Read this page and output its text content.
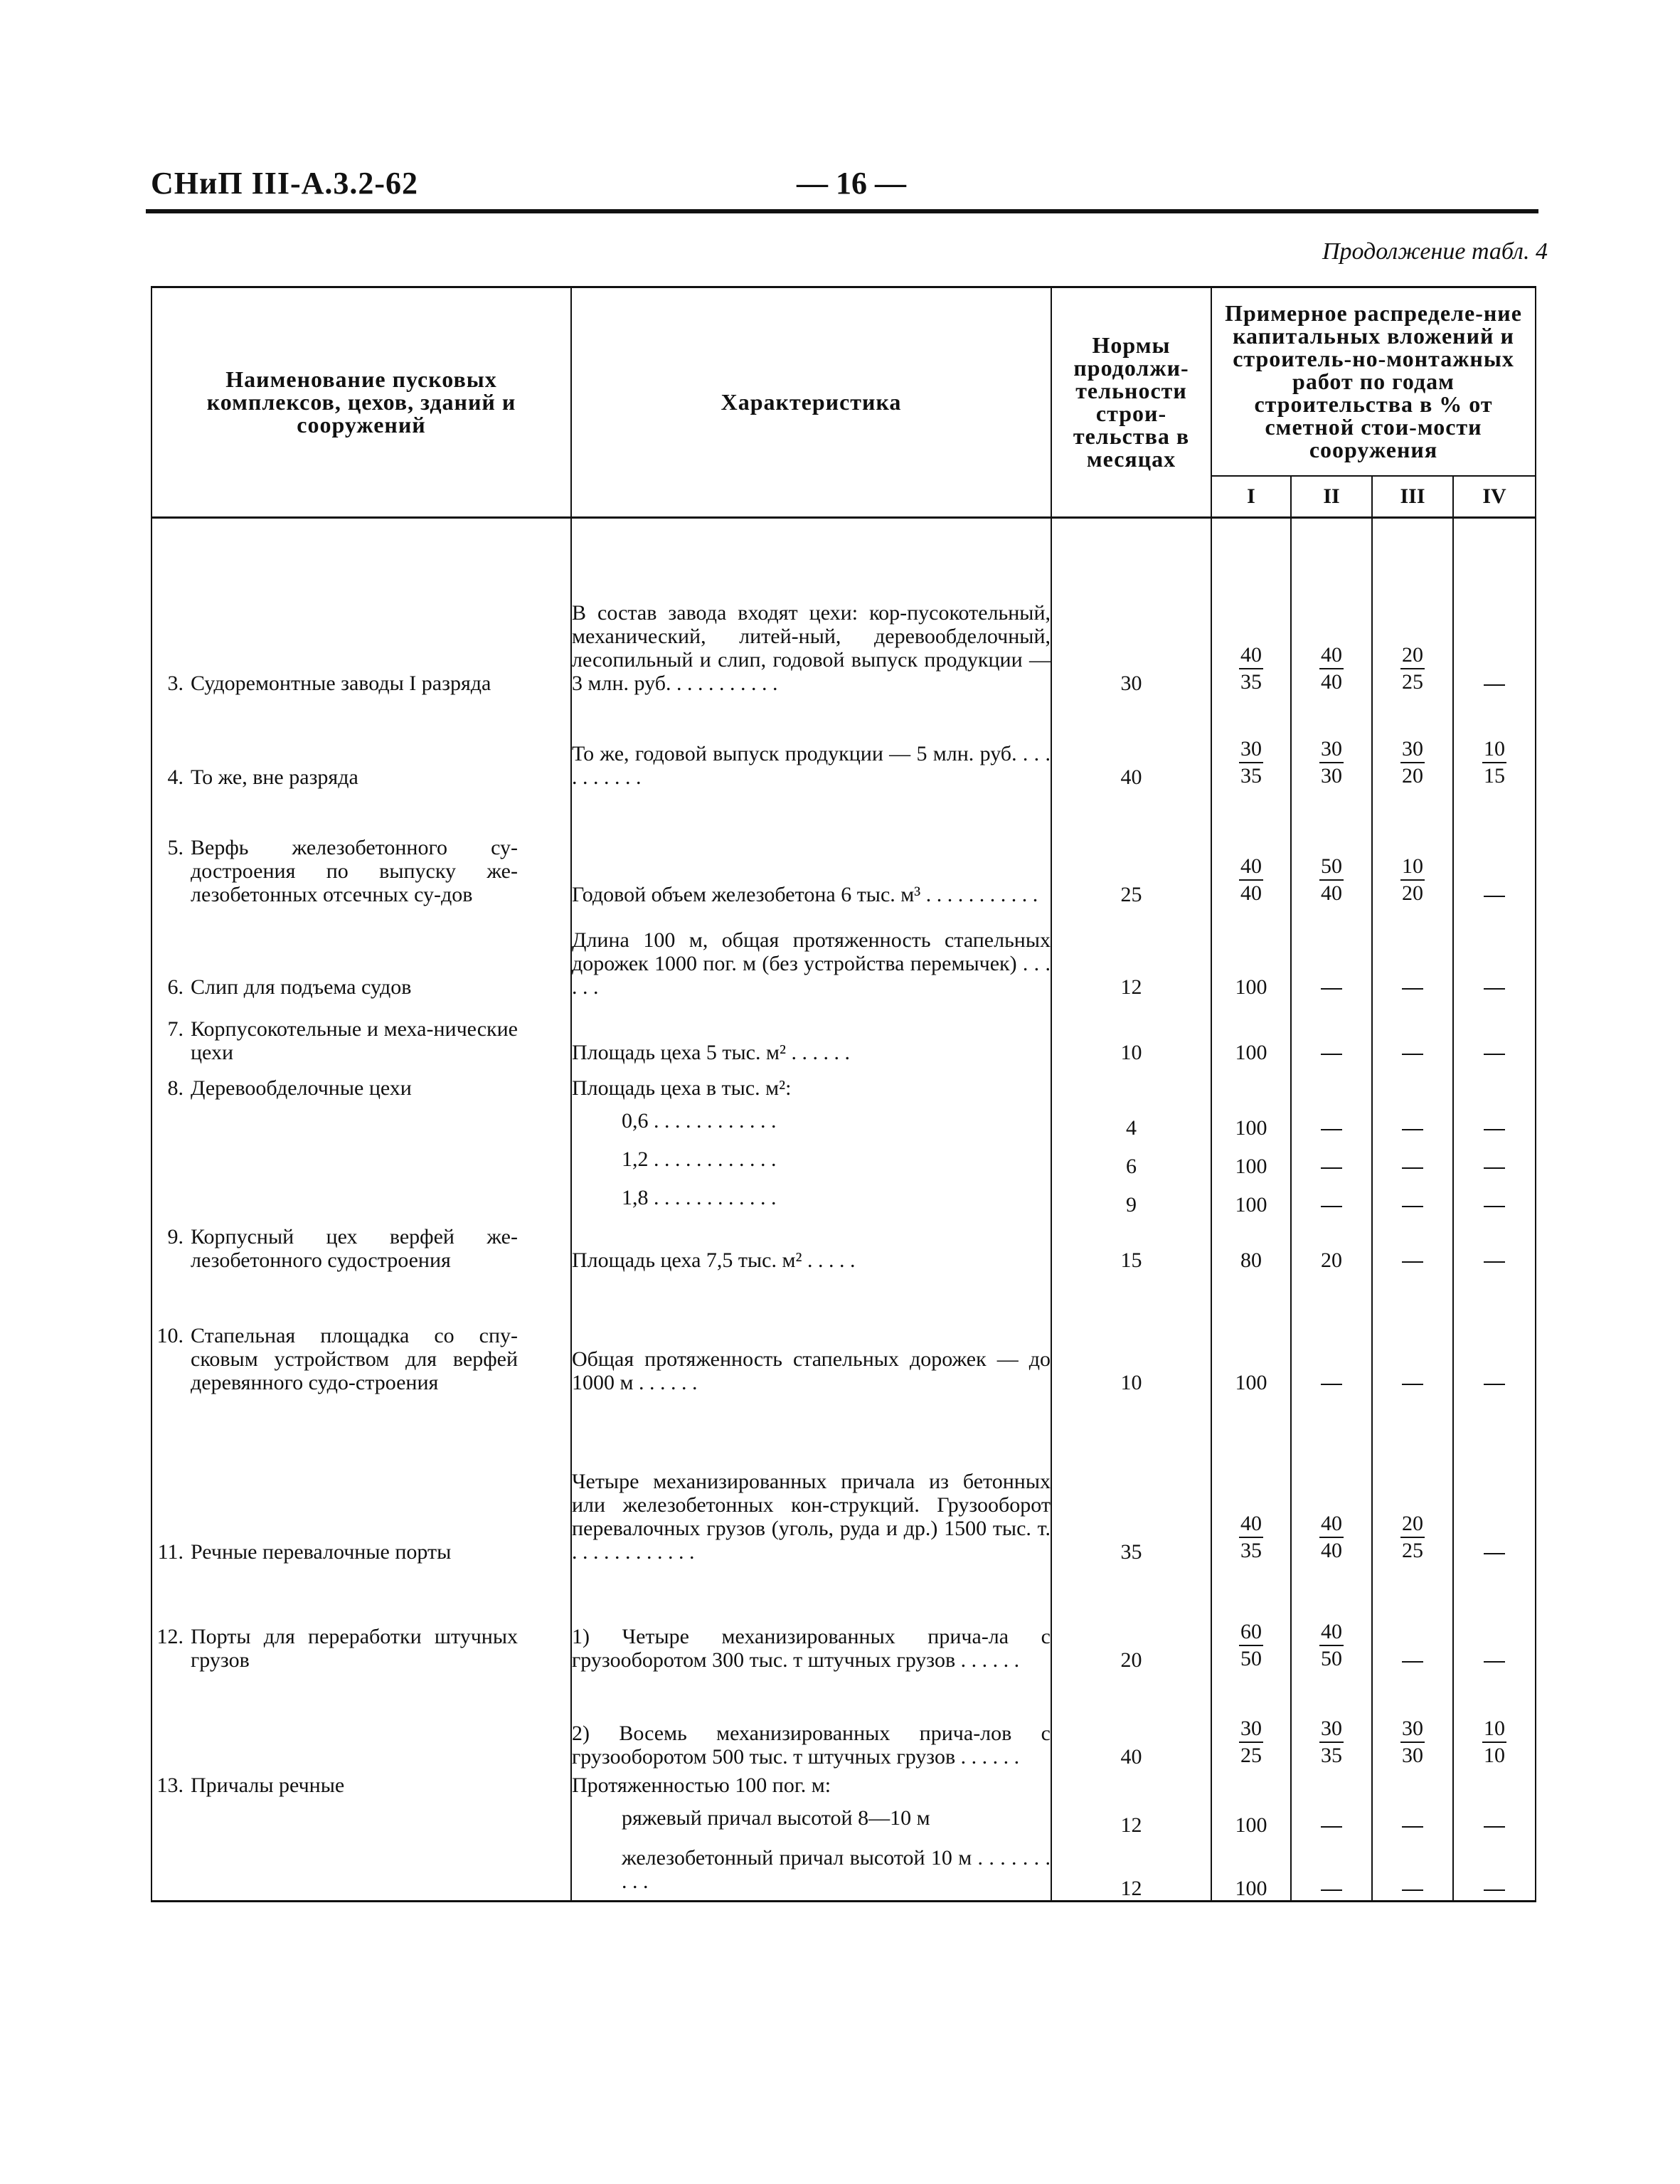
СНиП III-А.3.2-62	— 16 —
Продолжение табл. 4
Наименование пусковых комплексов, цехов, зданий и сооружений	Характеристика	Нормы продолжи-тельности строи-тельства в месяцах	Примерное распределе-ние капитальных вложений и строитель-но-монтажных работ по годам строительства в % от сметной стои-мости сооружения			
			I	II	III	IV
3. Судоремонтные заводы I разряда	В состав завода входят цехи: кор-пусокотельный, механический, литей-ный, деревообделочный, лесопильный и слип, годовой выпуск продукции — 3 млн. руб. . . . . . . . . . .	30	$\frac{40}{35}$	$\frac{40}{40}$	$\frac{20}{25}$

4. То же, вне разряда	То же, годовой выпуск продукции — 5 млн. руб. . . . . . . . . . .	40	$\frac{30}{35}$	$\frac{30}{30}$	$\frac{30}{20}$	$\frac{10}{15}$

5. Верфь железобетонного су-достроения по выпуску же-лезобетонных отсечных су-дов	Годовой объем железобетона 6 тыс. м³ . . . . . . . . . . .	25	$\frac{40}{40}$	$\frac{50}{40}$	$\frac{10}{20}$

6. Слип для подъема судов	Длина 100 м, общая протяженность стапельных дорожек 1000 пог. м (без устройства перемычек) . . . . . .	12	100			
7. Корпусокотельные и меха-нические цехи	Площадь цеха 5 тыс. м² . . . . . .	10	100			
8. Деревообделочные цехи	Площадь цеха в тыс. м²:					

	0,6 . . . . . . . . . . . .	4	100			

	1,2 . . . . . . . . . . . .	6	100			

	1,8 . . . . . . . . . . . .	9	100			
9. Корпусный цех верфей же-лезобетонного судостроения	Площадь цеха 7,5 тыс. м² . . . . .	15	80	20		
10. Стапельная площадка со спу-сковым устройством для верфей деревянного судо-строения	Общая протяженность стапельных дорожек — до 1000 м . . . . . .	10	100			
11. Речные перевалочные порты	Четыре механизированных причала из бетонных или железобетонных кон-струкций. Грузооборот перевалочных грузов (уголь, руда и др.) 1500 тыс. т. . . . . . . . . . . . .	35	$\frac{40}{35}$	$\frac{40}{40}$	$\frac{20}{25}$

12. Порты для переработки штучных грузов	1) Четыре механизированных прича-ла с грузооборотом 300 тыс. т штучных грузов . . . . . .	20	$\frac{60}{50}$	$\frac{40}{50}$

	2) Восемь механизированных прича-лов с грузооборотом 500 тыс. т штучных грузов . . . . . .	40	$\frac{30}{25}$	$\frac{30}{35}$	$\frac{30}{30}$	$\frac{10}{10}$

13. Причалы речные	Протяженностью 100 пог. м:					

	ряжевый причал высотой 8—10 м	12	100			

	железобетонный причал высотой 10 м . . . . . . . . . .	12	100			
